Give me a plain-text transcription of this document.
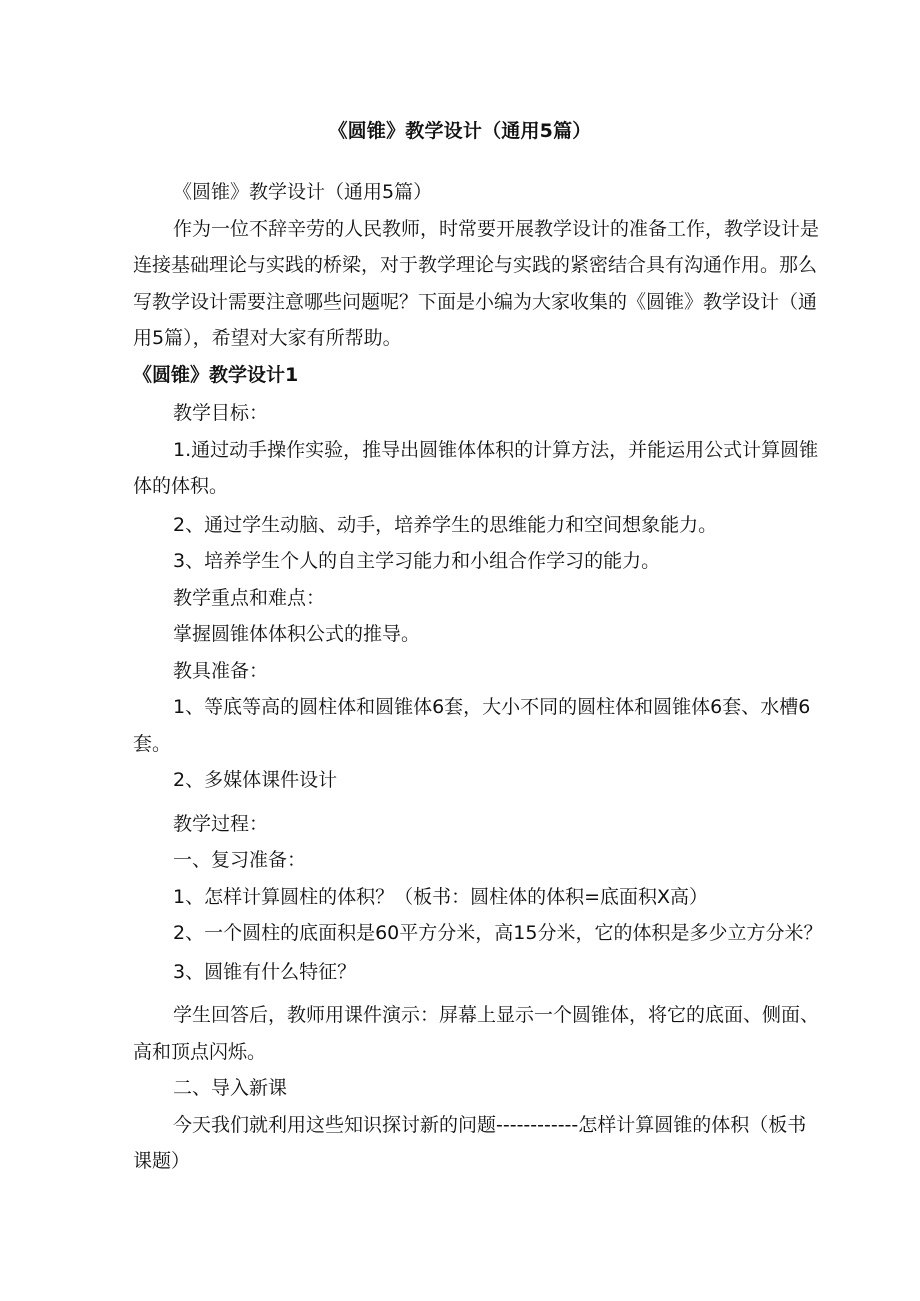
《圆锥》教学设计（通用5篇）

《圆锥》教学设计（通用5篇）

作为一位不辞辛劳的人民教师，时常要开展教学设计的准备工作，教学设计是连接基础理论与实践的桥梁，对于教学理论与实践的紧密结合具有沟通作用。那么写教学设计需要注意哪些问题呢？下面是小编为大家收集的《圆锥》教学设计（通用5篇），希望对大家有所帮助。

《圆锥》教学设计1

教学目标：

1.通过动手操作实验，推导出圆锥体体积的计算方法，并能运用公式计算圆锥体的体积。

2、通过学生动脑、动手，培养学生的思维能力和空间想象能力。

3、培养学生个人的自主学习能力和小组合作学习的能力。

教学重点和难点：

掌握圆锥体体积公式的推导。

教具准备：

1、等底等高的圆柱体和圆锥体6套，大小不同的圆柱体和圆锥体6套、水槽6套。

2、多媒体课件设计

教学过程：

一、复习准备：

1、怎样计算圆柱的体积？（板书：圆柱体的体积=底面积X高）

2、一个圆柱的底面积是60平方分米，高15分米，它的体积是多少立方分米？

3、圆锥有什么特征？

学生回答后，教师用课件演示：屏幕上显示一个圆锥体，将它的底面、侧面、高和顶点闪烁。

二、导入新课

今天我们就利用这些知识探讨新的问题------------怎样计算圆锥的体积（板书课题）
